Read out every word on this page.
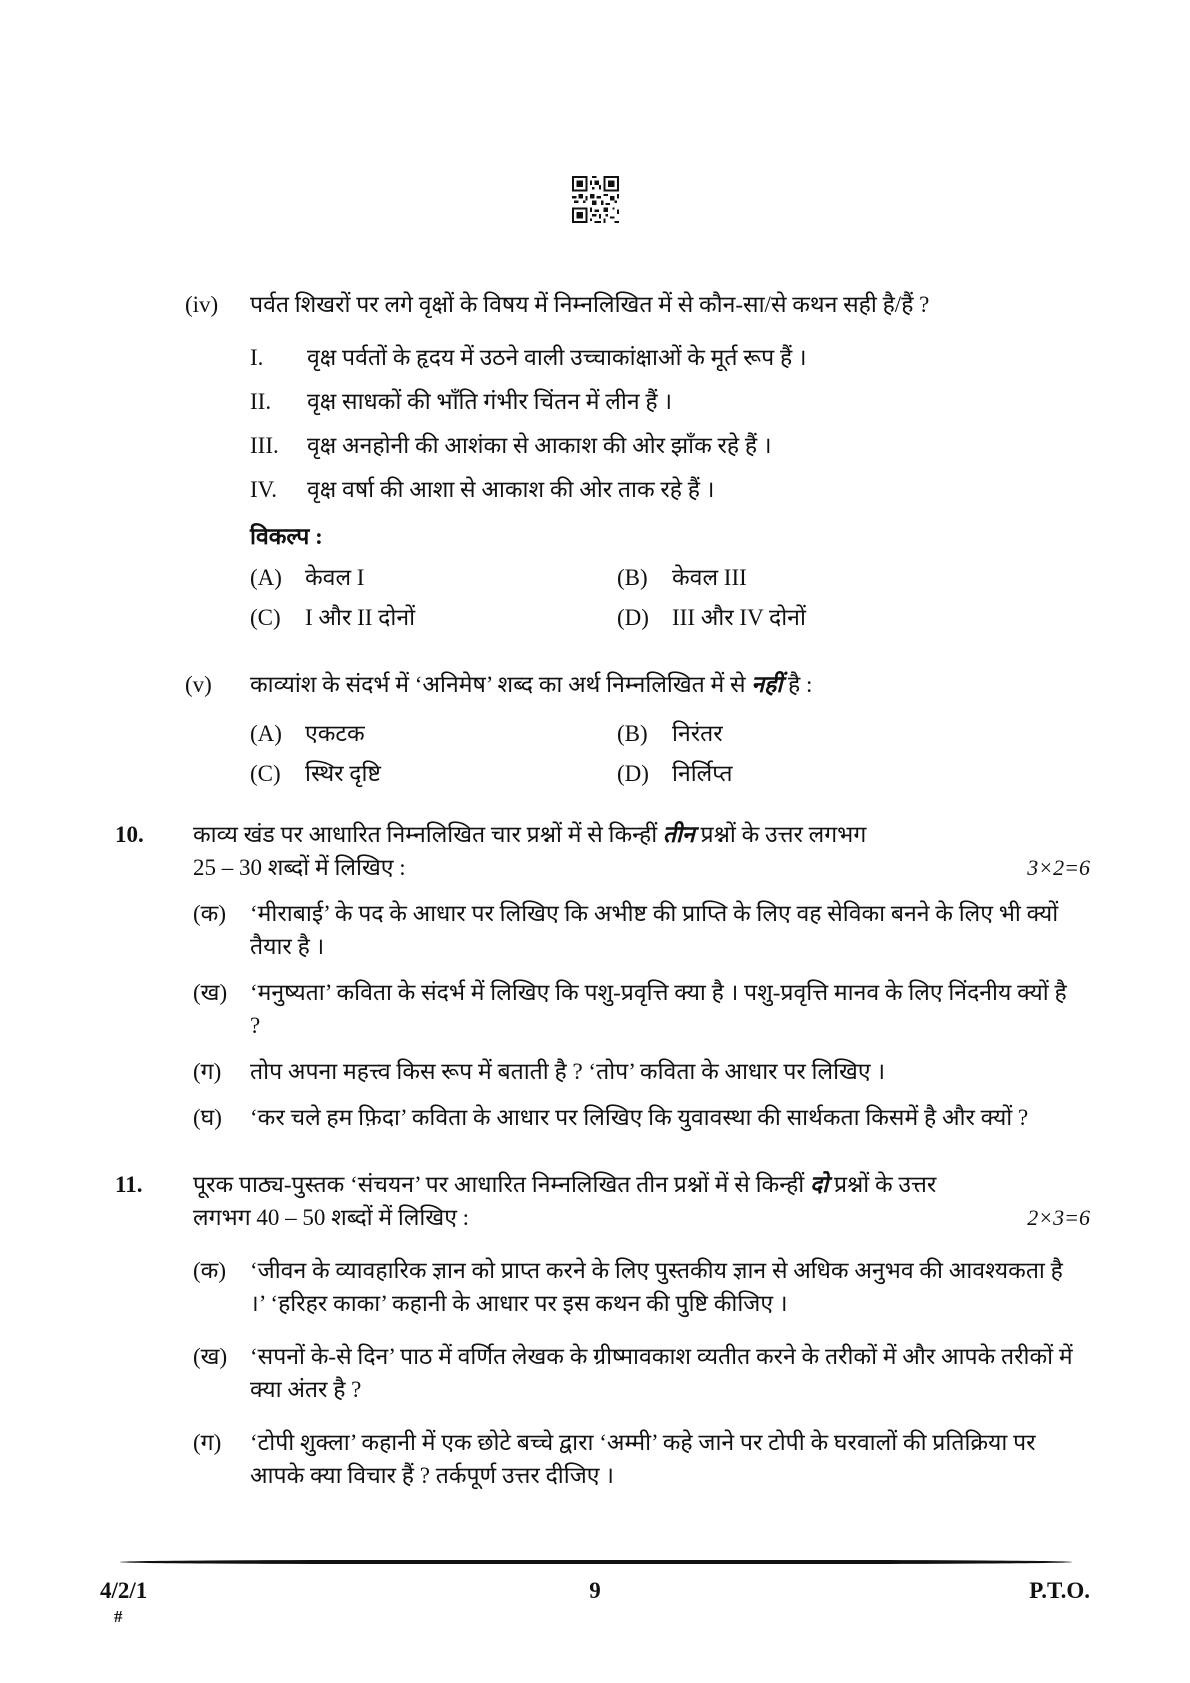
(iv)	पर्वत शिखरों पर लगे वृक्षों के विषय में निम्नलिखित में से कौन-सा/से कथन सही है/हैं ?
I.	वृक्ष पर्वतों के हृदय में उठने वाली उच्चाकांक्षाओं के मूर्त रूप हैं ।
II.	वृक्ष साधकों की भाँति गंभीर चिंतन में लीन हैं ।
III.	वृक्ष अनहोनी की आशंका से आकाश की ओर झाँक रहे हैं ।
IV.	वृक्ष वर्षा की आशा से आकाश की ओर ताक रहे हैं ।
विकल्प :
(A)	केवल I	(B)	केवल III
(C)	I और II दोनों	(D)	III और IV दोनों
(v)	काव्यांश के संदर्भ में ‘अनिमेष’ शब्द का अर्थ निम्नलिखित में से नहीं है :
(A)	एकटक	(B)	निरंतर
(C)	स्थिर दृष्टि	(D)	निर्लिप्त
10.	काव्य खंड पर आधारित निम्नलिखित चार प्रश्नों में से किन्हीं तीन प्रश्नों के उत्तर लगभग
25 – 30 शब्दों में लिखिए :	3×2=6
(क)	‘मीराबाई’ के पद के आधार पर लिखिए कि अभीष्ट की प्राप्ति के लिए वह सेविका बनने के लिए भी क्यों तैयार है ।
(ख) ‘मनुष्यता’ कविता के संदर्भ में लिखिए कि पशु-प्रवृत्ति क्या है । पशु-प्रवृत्ति मानव के लिए निंदनीय क्यों है ?
(ग)	तोप अपना महत्त्व किस रूप में बताती है ? ‘तोप’ कविता के आधार पर लिखिए ।
(घ)	‘कर चले हम फ़िदा’ कविता के आधार पर लिखिए कि युवावस्था की सार्थकता किसमें है और क्यों ?
11.	पूरक पाठ्य-पुस्तक ‘संचयन’ पर आधारित निम्नलिखित तीन प्रश्नों में से किन्हीं दो प्रश्नों के उत्तर
लगभग 40 – 50 शब्दों में लिखिए :	2×3=6
(क)	‘जीवन के व्यावहारिक ज्ञान को प्राप्त करने के लिए पुस्तकीय ज्ञान से अधिक अनुभव की आवश्यकता है ।’ ‘हरिहर काका’ कहानी के आधार पर इस कथन की पुष्टि कीजिए ।
(ख) ‘सपनों के-से दिन’ पाठ में वर्णित लेखक के ग्रीष्मावकाश व्यतीत करने के तरीकों में और आपके तरीकों में क्या अंतर है ?
(ग)	‘टोपी शुक्ला’ कहानी में एक छोटे बच्चे द्वारा ‘अम्मी’ कहे जाने पर टोपी के घरवालों की प्रतिक्रिया पर आपके क्या विचार हैं ? तर्कपूर्ण उत्तर दीजिए ।
4/2/1
#
9	P.T.O.
